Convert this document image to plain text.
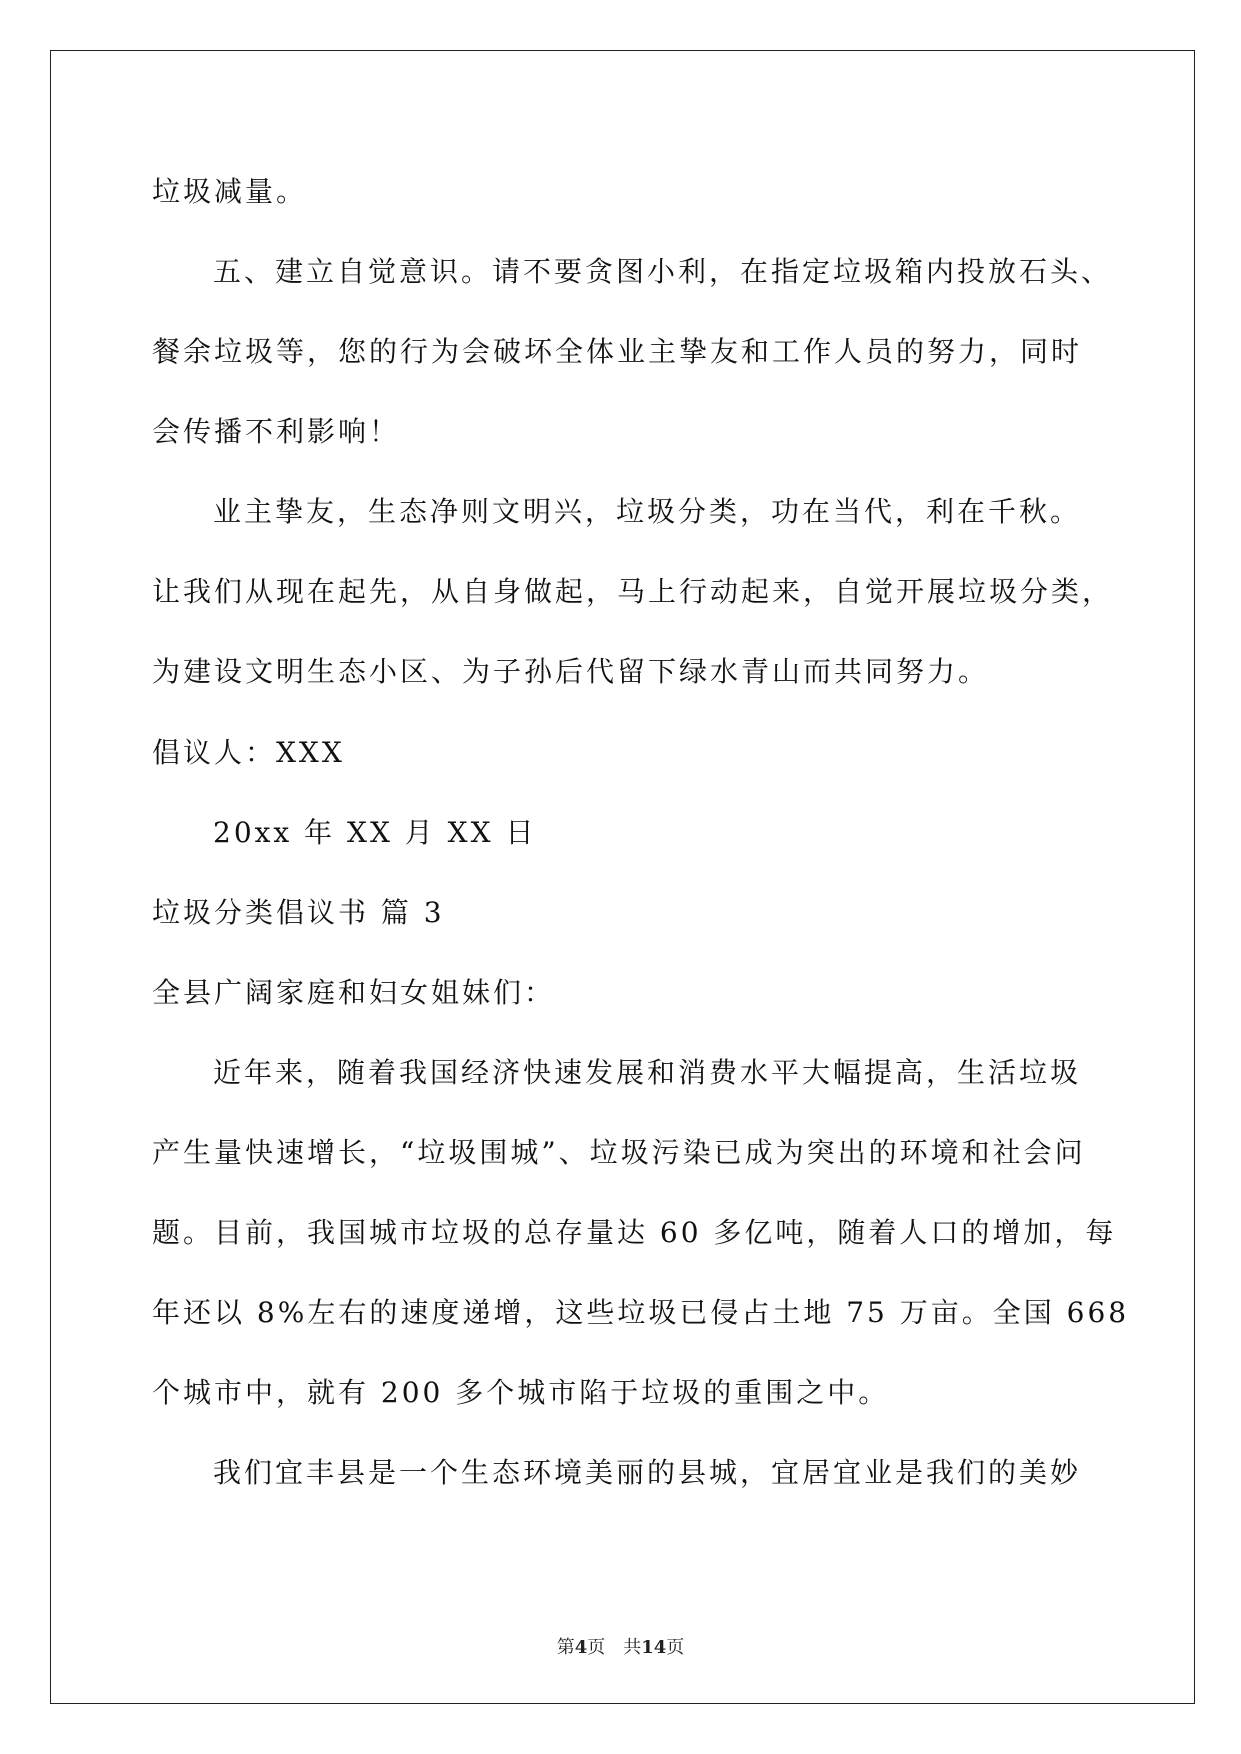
垃圾减量。
五、建立自觉意识。请不要贪图小利，在指定垃圾箱内投放石头、
餐余垃圾等，您的行为会破坏全体业主挚友和工作人员的努力，同时
会传播不利影响！
业主挚友，生态净则文明兴，垃圾分类，功在当代，利在千秋。
让我们从现在起先，从自身做起，马上行动起来，自觉开展垃圾分类，
为建设文明生态小区、为子孙后代留下绿水青山而共同努力。
倡议人：XXX
20xx 年 XX 月 XX 日
垃圾分类倡议书 篇 3
全县广阔家庭和妇女姐妹们：
近年来，随着我国经济快速发展和消费水平大幅提高，生活垃圾
产生量快速增长，“垃圾围城”、垃圾污染已成为突出的环境和社会问
题。目前，我国城市垃圾的总存量达 60 多亿吨，随着人口的增加，每
年还以 8%左右的速度递增，这些垃圾已侵占土地 75 万亩。全国 668
个城市中，就有 200 多个城市陷于垃圾的重围之中。
我们宜丰县是一个生态环境美丽的县城，宜居宜业是我们的美妙
第4页　共14页
